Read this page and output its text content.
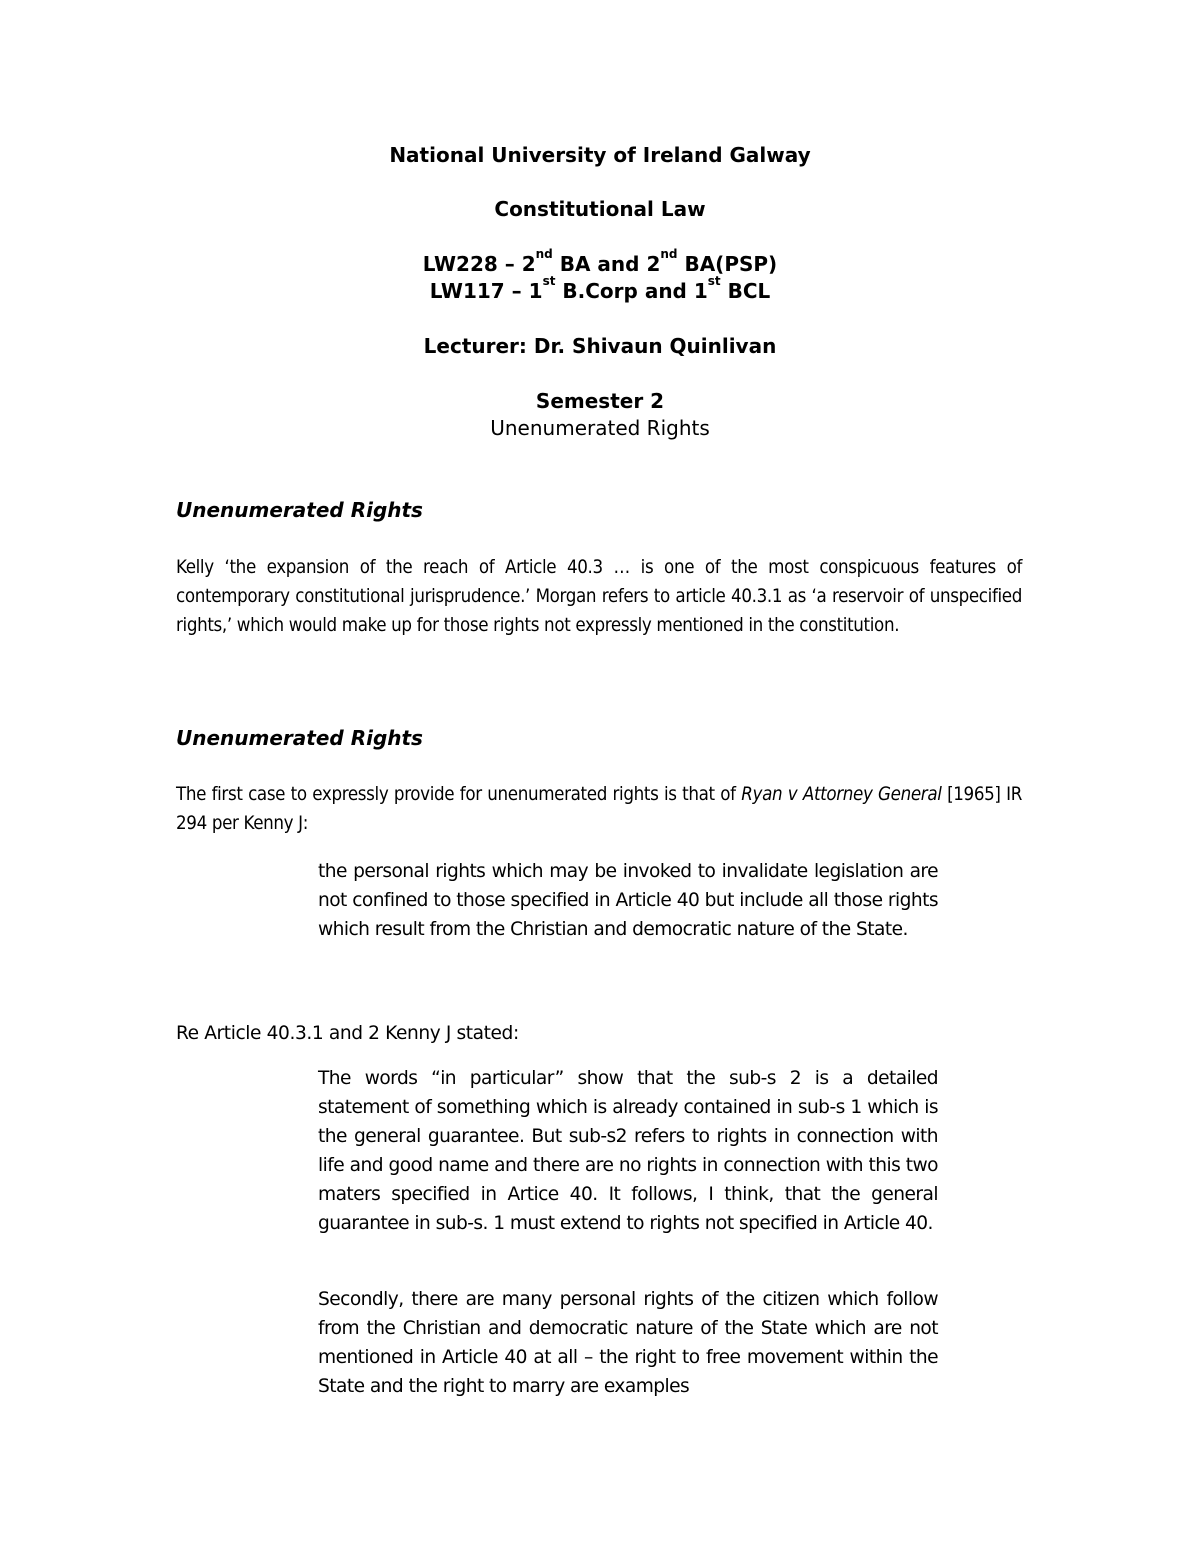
National University of Ireland Galway
Constitutional Law
LW228 – 2nd BA and 2nd BA(PSP)
LW117 – 1st B.Corp and 1st BCL
Lecturer: Dr. Shivaun Quinlivan
Semester 2
Unenumerated Rights
Unenumerated Rights

Kelly ‘the expansion of the reach of Article 40.3 … is one of the most conspicuous features of contemporary constitutional jurisprudence.’ Morgan refers to article 40.3.1 as ‘a reservoir of unspecified rights,’ which would make up for those rights not expressly mentioned in the constitution.

Unenumerated Rights

The first case to expressly provide for unenumerated rights is that of Ryan v Attorney General [1965] IR 294 per Kenny J:

the personal rights which may be invoked to invalidate legislation are not confined to those specified in Article 40 but include all those rights which result from the Christian and democratic nature of the State.

Re Article 40.3.1 and 2 Kenny J stated:

The words “in particular” show that the sub-s 2 is a detailed statement of something which is already contained in sub-s 1 which is the general guarantee. But sub-s2 refers to rights in connection with life and good name and there are no rights in connection with this two maters specified in Artice 40. It follows, I think, that the general guarantee in sub-s. 1 must extend to rights not specified in Article 40.

Secondly, there are many personal rights of the citizen which follow from the Christian and democratic nature of the State which are not mentioned in Article 40 at all – the right to free movement within the State and the right to marry are examples
